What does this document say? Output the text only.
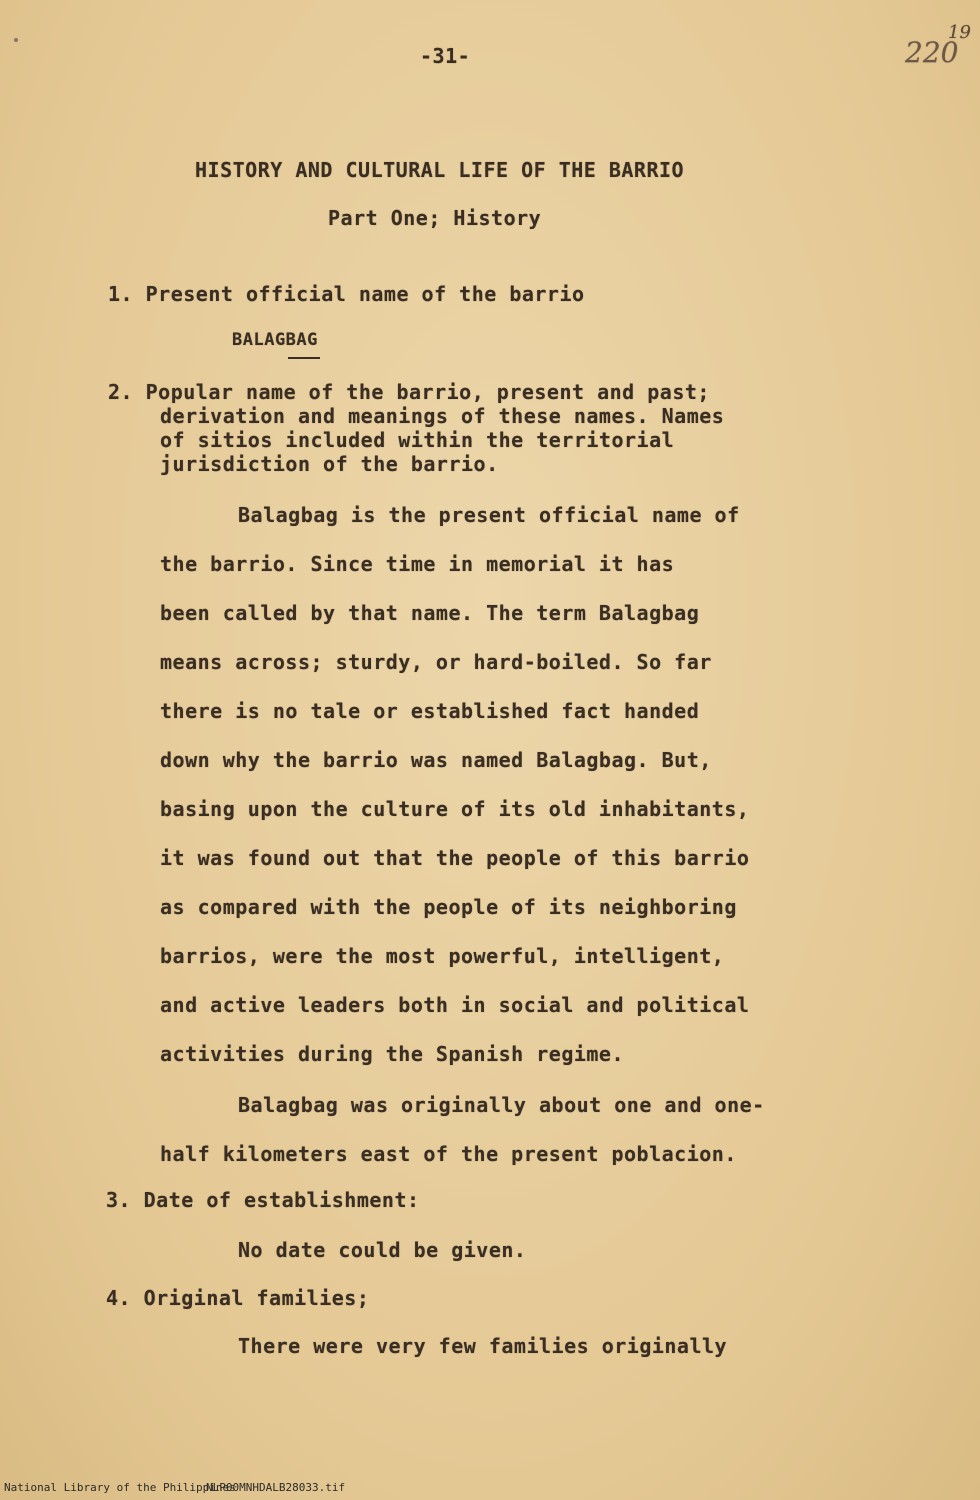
-31-
19
220
HISTORY AND CULTURAL LIFE OF THE BARRIO
Part One; History
1. Present official name of the barrio
BALAGBAG
2. Popular name of the barrio, present and past;
derivation and meanings of these names. Names
of sitios included within the territorial
jurisdiction of the barrio.
Balagbag is the present official name of
the barrio. Since time in memorial it has
been called by that name. The term Balagbag
means across; sturdy, or hard-boiled. So far
there is no tale or established fact handed
down why the barrio was named Balagbag. But,
basing upon the culture of its old inhabitants,
it was found out that the people of this barrio
as compared with the people of its neighboring
barrios, were the most powerful, intelligent,
and active leaders both in social and political
activities during the Spanish regime.
Balagbag was originally about one and one-
half kilometers east of the present poblacion.
3. Date of establishment:
No date could be given.
4. Original families;
There were very few families originally
National Library of the Philippines
NLP00MNHDALB28033.tif
